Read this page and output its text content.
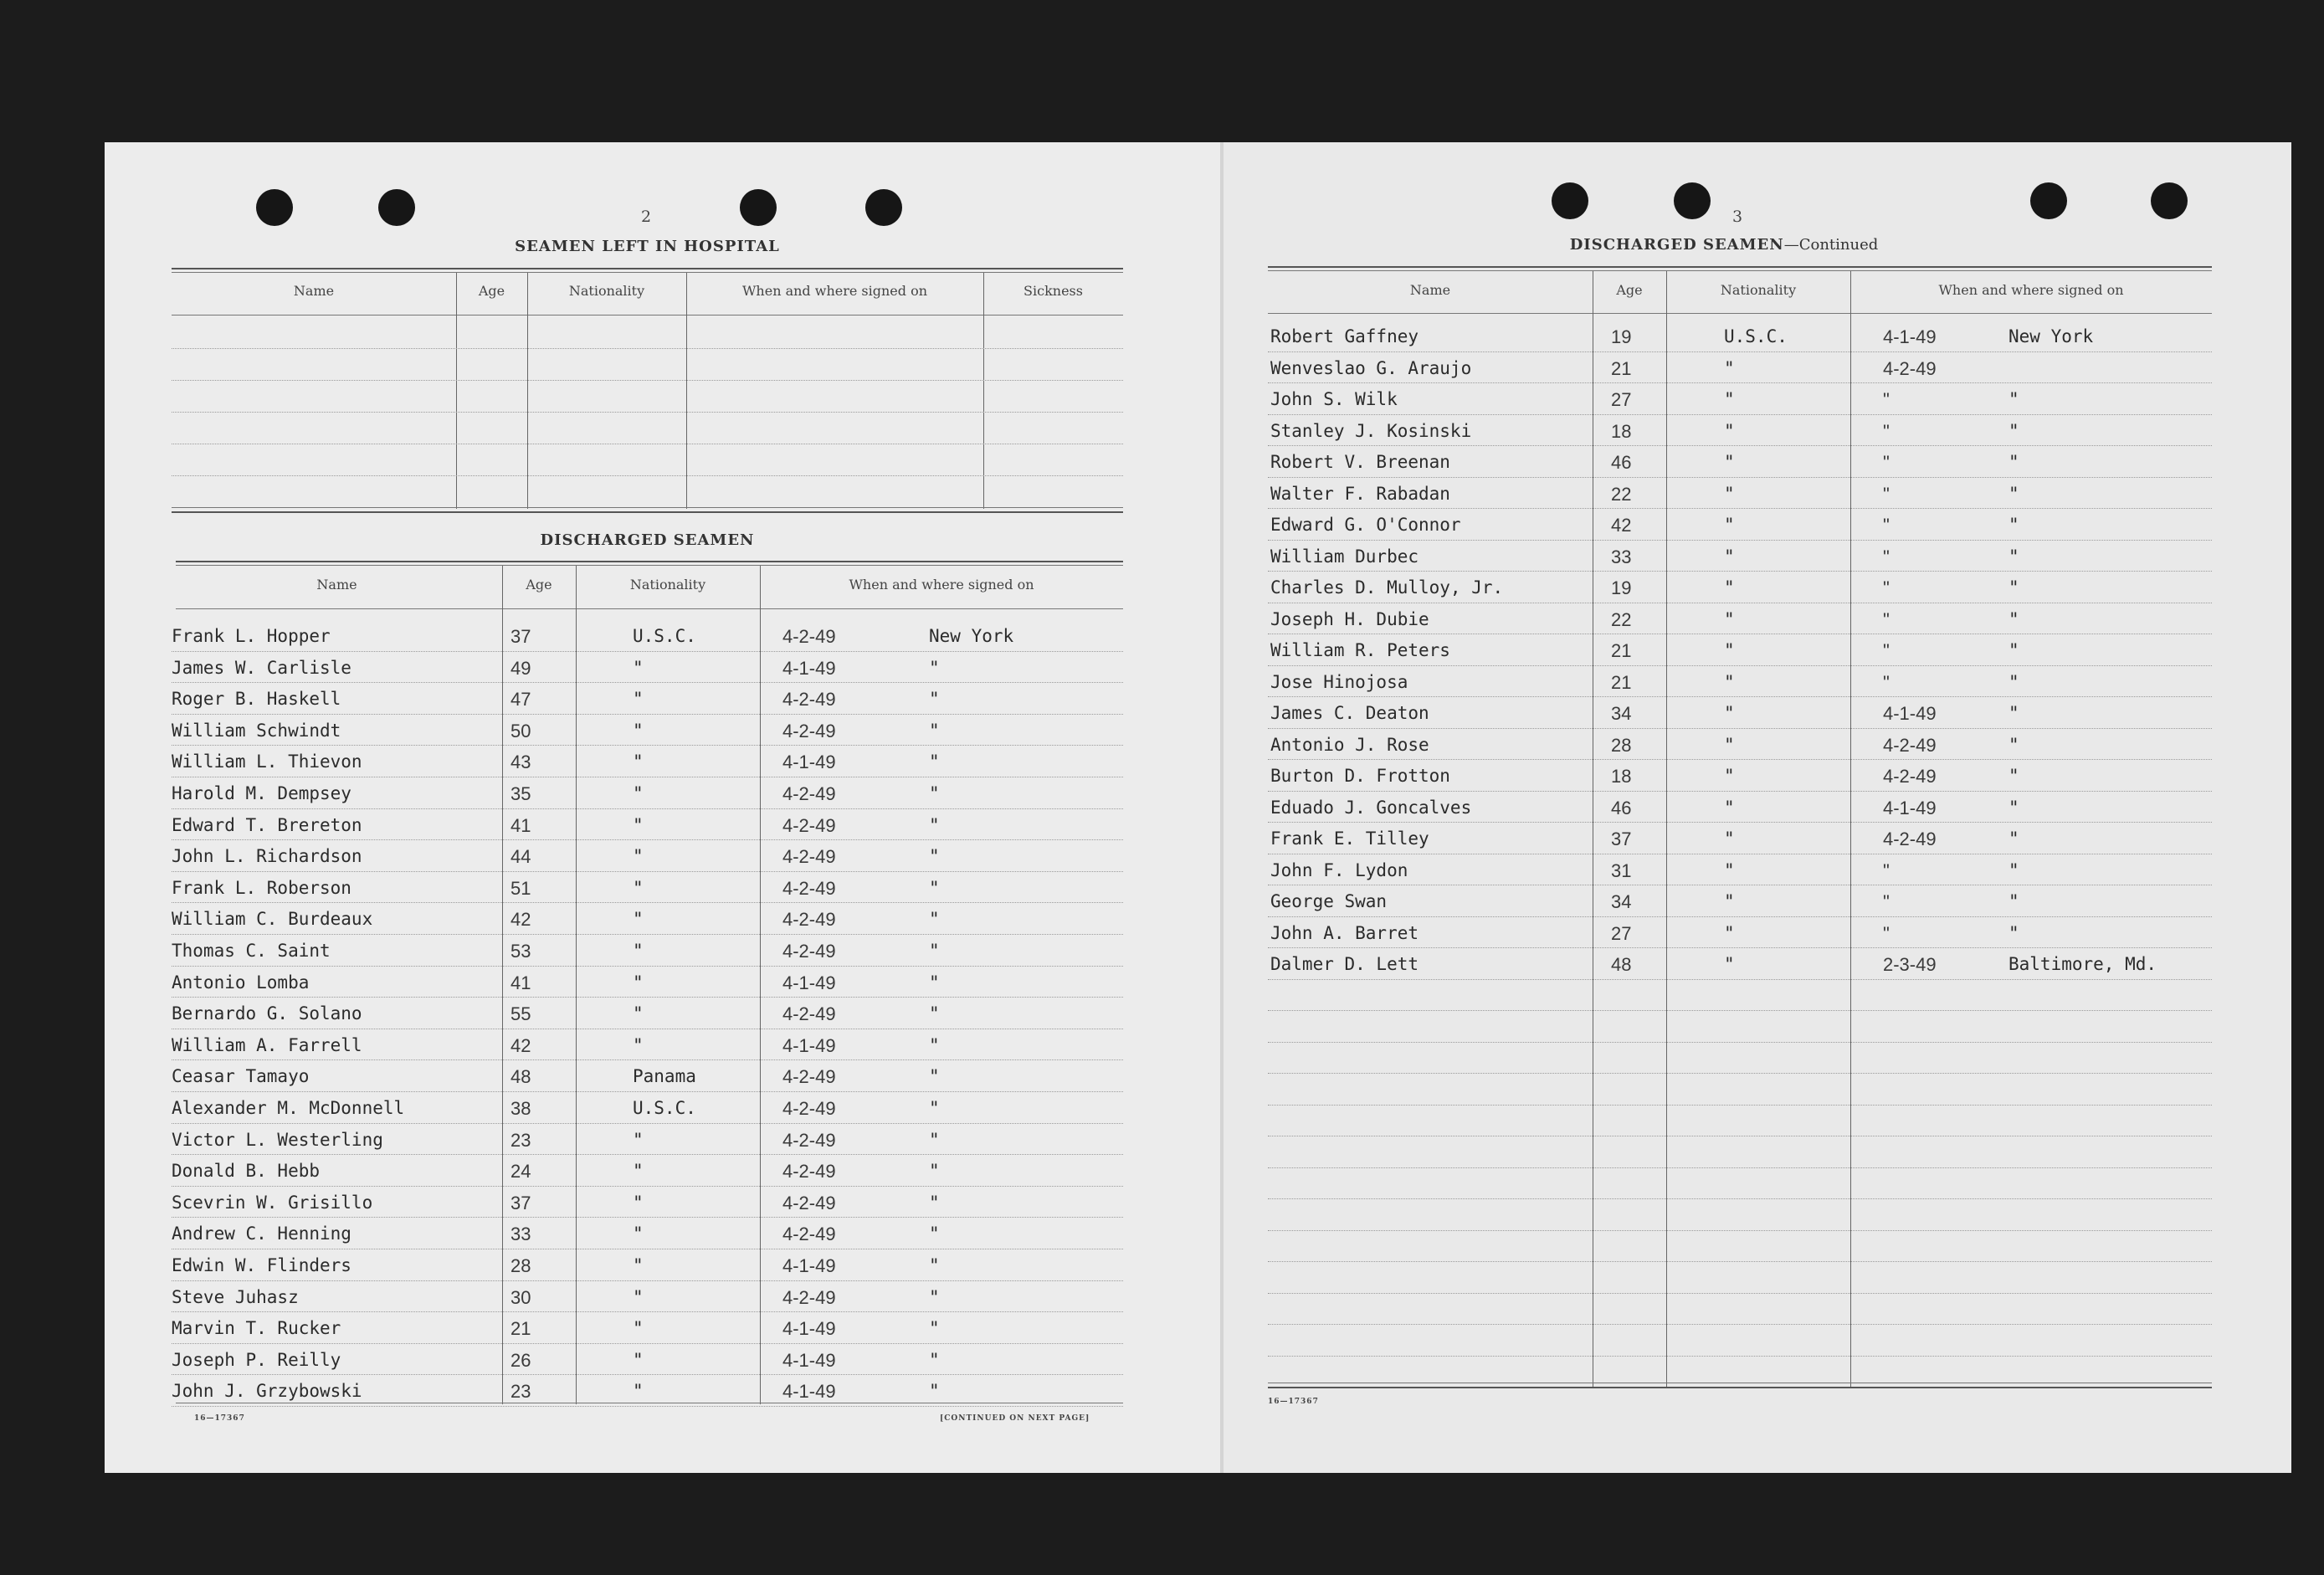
2
SEAMEN LEFT IN HOSPITAL
Name	Age	Nationality	When and where signed on	Sickness
DISCHARGED SEAMEN
Name	Age	Nationality	When and where signed on
Frank L. Hopper	37	U.S.C.	4-2-49	New York
James W. Carlisle	49	"	4-1-49	"
Roger B. Haskell	47	"	4-2-49	"
William Schwindt	50	"	4-2-49	"
William L. Thievon	43	"	4-1-49	"
Harold M. Dempsey	35	"	4-2-49	"
Edward T. Brereton	41	"	4-2-49	"
John L. Richardson	44	"	4-2-49	"
Frank L. Roberson	51	"	4-2-49	"
William C. Burdeaux	42	"	4-2-49	"
Thomas C. Saint	53	"	4-2-49	"
Antonio Lomba	41	"	4-1-49	"
Bernardo G. Solano	55	"	4-2-49	"
William A. Farrell	42	"	4-1-49	"
Ceasar Tamayo	48	Panama	4-2-49	"
Alexander M. McDonnell	38	U.S.C.	4-2-49	"
Victor L. Westerling	23	"	4-2-49	"
Donald B. Hebb	24	"	4-2-49	"
Scevrin W. Grisillo	37	"	4-2-49	"
Andrew C. Henning	33	"	4-2-49	"
Edwin W. Flinders	28	"	4-1-49	"
Steve Juhasz	30	"	4-2-49	"
Marvin T. Rucker	21	"	4-1-49	"
Joseph P. Reilly	26	"	4-1-49	"
John J. Grzybowski	23	"	4-1-49	"
16—17367	[CONTINUED ON NEXT PAGE]
3
DISCHARGED SEAMEN—Continued
Name	Age	Nationality	When and where signed on
Robert Gaffney	19	U.S.C.	4-1-49	New York
Wenveslao G. Araujo	21	"	4-2-49
John S. Wilk	27	"	"	"
Stanley J. Kosinski	18	"	"	"
Robert V. Breenan	46	"	"	"
Walter F. Rabadan	22	"	"	"
Edward G. O'Connor	42	"	"	"
William Durbec	33	"	"	"
Charles D. Mulloy, Jr.	19	"	"	"
Joseph H. Dubie	22	"	"	"
William R. Peters	21	"	"	"
Jose Hinojosa	21	"	"	"
James C. Deaton	34	"	4-1-49	"
Antonio J. Rose	28	"	4-2-49	"
Burton D. Frotton	18	"	4-2-49	"
Eduado J. Goncalves	46	"	4-1-49	"
Frank E. Tilley	37	"	4-2-49	"
John F. Lydon	31	"	"	"
George Swan	34	"	"	"
John A. Barret	27	"	"	"
Dalmer D. Lett	48	"	2-3-49	Baltimore, Md.
16—17367
